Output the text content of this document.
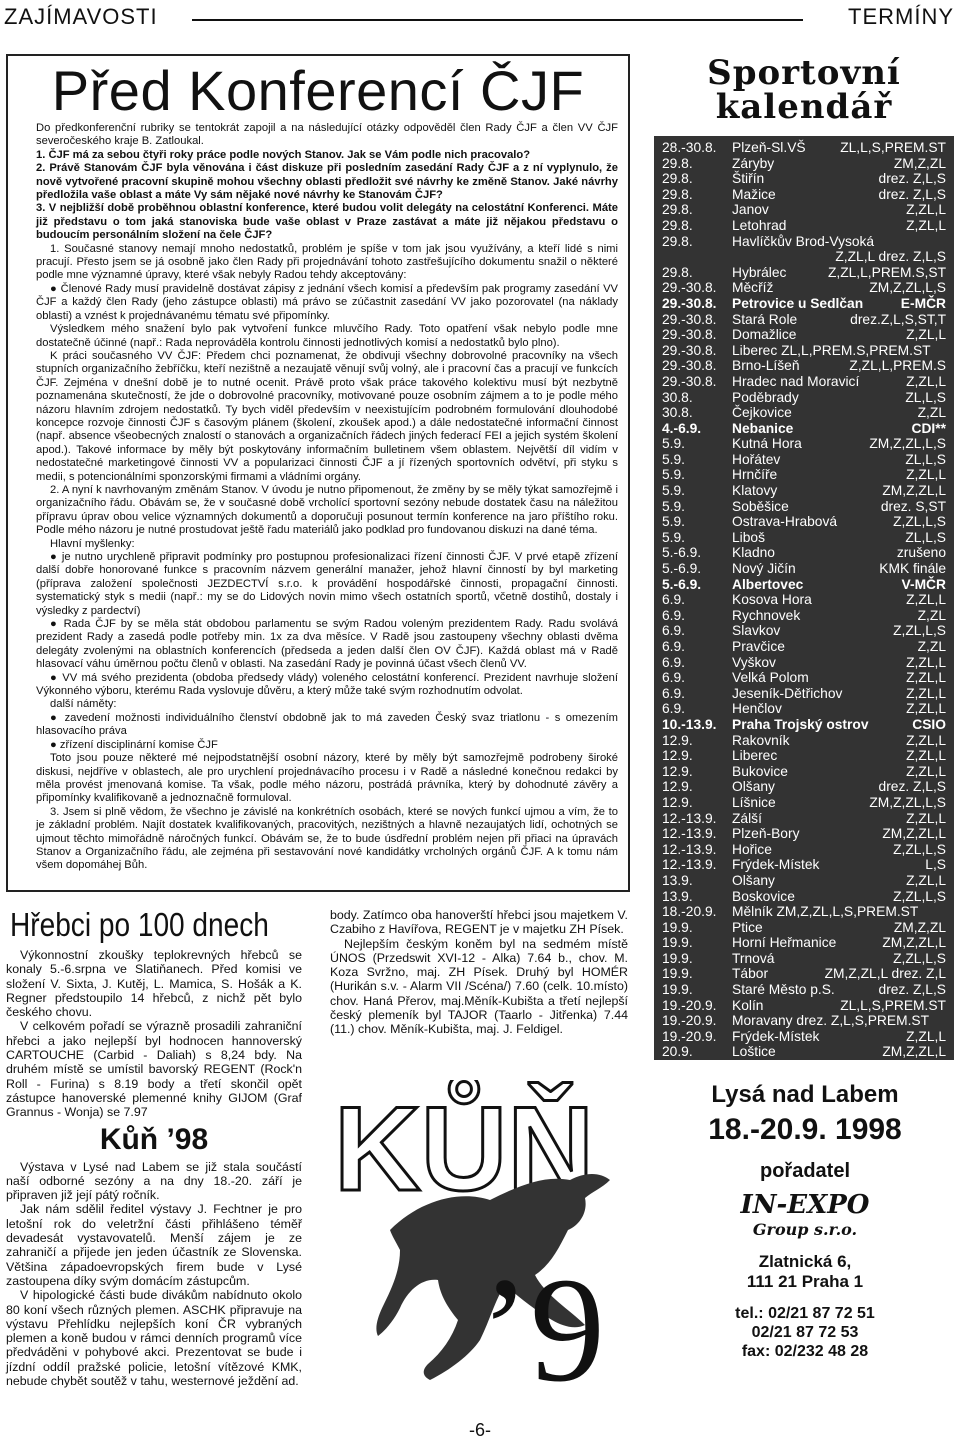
ZAJÍMAVOSTI	TERMÍNY
Před Konferencí ČJF

Do předkonferenční rubriky se tentokrát zapojil a na následující otázky odpověděl člen Rady ČJF a člen VV ČJF severočeského kraje B. Zatloukal.

1. ČJF má za sebou čtyři roky práce podle nových Stanov. Jak se Vám podle nich pracovalo?

2. Právě Stanovám ČJF byla věnována i část diskuze při posledním zasedání Rady ČJF a z ní vyplynulo, že nově vytvořené pracovní skupině mohou všechny oblasti předložit své návrhy ke změně Stanov. Jaké návrhy předložila vaše oblast a máte Vy sám nějaké nové návrhy ke Stanovám ČJF?

3. V nejbližší době proběhnou oblastní konference, které budou volit delegáty na celostátní Konferenci. Máte již představu o tom jaká stanoviska bude vaše oblast v Praze zastávat a máte již nějakou představu o budoucím personálním složení na čele ČJF?

1. Současné stanovy nemají mnoho nedostatků, problém je spíše v tom jak jsou využívány, a kteří lidé s nimi pracují. Přesto jsem se já osobně jako člen Rady při projednávání tohoto zastřešujícího dokumentu snažil o některé podle mne významné úpravy, které však nebyly Radou tehdy akceptovány:

● Členové Rady musí pravidelně dostávat zápisy z jednání všech komisí a především pak programy zasedání VV ČJF a každý člen Rady (jeho zástupce oblasti) má právo se zúčastnit zasedání VV jako pozorovatel (na náklady oblasti) a vznést k projednávanému tématu své připomínky.

Výsledkem mého snažení bylo pak vytvoření funkce mluvčího Rady. Toto opatření však nebylo podle mne dostatečně účinné (např.: Rada neprováděla kontrolu činnosti jednotlivých komisí a nedostatků bylo plno).

K práci současného VV ČJF: Předem chci poznamenat, že obdivuji všechny dobrovolné pracovníky na všech stupních organizačního žebříčku, kteří nezištně a nezaujatě věnují svůj volný, ale i pracovní čas a pracují ve funkcích ČJF. Zejména v dnešní době je to nutné ocenit. Právě proto však práce takového kolektivu musí být nezbytně poznamenána skutečností, že jde o dobrovolné pracovníky, motivované pouze osobním zájmem a to je podle mého názoru hlavním zdrojem nedostatků. Ty bych viděl především v neexistujícím podrobném formulování dlouhodobé koncepce rozvoje činnosti ČJF s časovým plánem (školení, zkoušek apod.) a dále nedostatečné informační činnost (např. absence všeobecných znalostí o stanovách a organizačních řádech jiných federací FEI a jejich systém školení apod.). Takové informace by měly být poskytovány informačním bulletinem všem oblastem. Největší díl vidím v nedostatečné marketingové činnosti VV a popularizaci činnosti ČJF a jí řízených sportovních odvětví, při styku s medii, s potencionálními sponzorskými firmami a vládními orgány.

2. A nyní k navrhovaným změnám Stanov. V úvodu je nutno připomenout, že změny by se měly týkat samozřejmě i organizačního řádu. Obávám se, že v současné době vrcholící sportovní sezóny nebude dostatek času na náležitou přípravu úprav obou velice významných dokumentů a doporučuji posunout termín konference na jaro příštího roku. Podle mého názoru je nutné prostudovat ještě řadu materiálů jako podklad pro fundovanou diskuzi na dané téma.

Hlavní myšlenky:

● je nutno urychleně připravit podmínky pro postupnou profesionalizaci řízení činnosti ČJF. V prvé etapě zřízení další dobře honorované funkce s pracovním názvem generální manažer, jehož hlavní činností by byl marketing (příprava založení společnosti JEZDECTVÍ s.r.o. k provádění hospodářské činnosti, propagační činnosti. systematický styk s medii (např.: my se do Lidových novin mimo všech ostatních sportů, včetně dostihů, dostaly i výsledky z pardectví)

● Rada ČJF by se měla stát obdobou parlamentu se svým Radou voleným prezidentem Rady. Radu svolává prezident Rady a zasedá podle potřeby min. 1x za dva měsíce. V Radě jsou zastoupeny všechny oblasti dvěma delegáty zvolenými na oblastních konferencích (předseda a jeden další člen OV ČJF). Každá oblast má v Radě hlasovací váhu úměrnou počtu členů v oblasti. Na zasedání Rady je povinná účast všech členů VV.

● VV má svého prezidenta (obdoba předsedy vlády) voleného celostátní konferencí. Prezident navrhuje složení Výkonného výboru, kterému Rada vyslovuje důvěru, a který může také svým rozhodnutím odvolat.

další náměty:

● zavedení možnosti individuálního členství obdobně jak to má zaveden Český svaz triatlonu - s omezením hlasovacího práva

● zřízení disciplinární komise ČJF

Toto jsou pouze některé mé nejpodstatnější osobní názory, které by měly být samozřejmě podrobeny široké diskusi, nejdříve v oblastech, ale pro urychlení projednávacího procesu i v Radě a následné konečnou redakci by měla provést jmenovaná komise. Ta však, podle mého názoru, postrádá právníka, který by dohodnuté závěry a připomínky kvalifikovaně a jednoznačně formuloval.

3. Jsem si plně vědom, že všechno je závislé na konkrétních osobách, které se nových funkcí ujmou a vím, že to je základní problém. Najít dostatek kvalifikovaných, pracovitých, nezištných a hlavně nezaujatých lidí, ochotných se ujmout těchto mimořádně náročných funkcí. Obávám se, že to bude úsdřední problém nejen při přiaci na úpravách Stanov a Organizačního řádu, ale zejména při sestavování nové kandidátky vrcholných orgánů ČJF. A k tomu nám všem dopomáhej Bůh.

Hřebci po 100 dnech

Výkonnostní zkoušky teplokrevných hřebců se konaly 5.-6.srpna ve Slatiňanech. Před komisi ve složení V. Sixta, J. Kutěj, L. Mamica, S. Hošák a K. Regner předstoupilo 14 hřebců, z nichž pět bylo českého chovu.

V celkovém pořadí se výrazně prosadili zahraniční hřebci a jako nejlepší byl hodnocen hannoverský CARTOUCHE (Carbid - Daliah) s 8,24 bdy. Na druhém místě se umístil bavorský REGENT (Rock'n Roll - Furina) s 8.19 body a třetí skončil opět zástupce hanoverské plemenné knihy GIJOM (Graf Grannus - Wonja) se 7.97

Kůň ’98

Výstava v Lysé nad Labem se již stala součástí naší odborné sezóny a na dny 18.-20. září je připraven již její pátý ročník.

Jak nám sdělil ředitel výstavy J. Fechtner je pro letošní rok do veletržní části přihlášeno téměř devadesát vystavovatelů. Menší zájem je ze zahraničí a přijede jen jeden účastník ze Slovenska. Většina západoevropských firem bude v Lysé zastoupena díky svým domácím zástupcům.

V hipologické části bude divákům nabídnuto okolo 80 koní všech různých plemen. ASCHK připravuje na výstavu Přehlídku nejlepších koní ČR vybraných plemen a koně budou v rámci denních programů více předváděni v pohybové akci. Prezentovat se bude i jízdní oddíl pražské policie, letošní vítězové KMK, nebude chybět soutěž v tahu, westernové ježdění ad.

body. Zatímco oba hanoverští hřebci jsou majetkem V. Czabiho z Havířova, REGENT je v majetku ZH Písek.

Nejlepším českým koněm byl na sedmém místě ÚNOS (Przedswit XVI-12 - Alka) 7.64 b., chov. M. Koza Svržno, maj. ZH Písek. Druhý byl HOMÉR (Hurikán s.v. - Alarm VII /Scéna/) 7.60 (celk. 10.místo) chov. Haná Přerov, maj.Měník-Kubišta a třetí nejlepší český plemeník byl TAJOR (Taarlo - Jitřenka) 7.44 (11.) chov. Měník-Kubišta, maj. J. Feldigel.

Sportovní
kalendář
28.-30.8. Plzeň-Sl.VŠ	ZL,L,S,PREM.ST
29.8.	Záryby	ZM,Z,ZL
29.8.	Štiřín	drez. Z,L,S
29.8.	Mažice	drez. Z,L,S
29.8.	Janov	Z,ZL,L
29.8.	Letohrad	Z,ZL,L
29.8.	Havlíčkův Brod-Vysoká
Z,ZL,L drez. Z,L,S
29.8.	Hybrálec	Z,ZL,L,PREM.S,ST
29.-30.8. Měcříž	ZM,Z,ZL,L,S
29.-30.8. Petrovice u Sedlčan	E-MČR
29.-30.8. Stará Role	drez.Z,L,S,ST,T
29.-30.8. Domažlice	Z,ZL,L
29.-30.8. Liberec ZL,L,PREM.S,PREM.ST
29.-30.8. Brno-Líšeň	Z,ZL,L,PREM.S
29.-30.8. Hradec nad Moravicí	Z,ZL,L
30.8.	Poděbrady	ZL,L,S
30.8.	Čejkovice	Z,ZL
4.-6.9. Nebanice	CDI**
5.9.	Kutná Hora	ZM,Z,ZL,L,S
5.9.	Hořátev	ZL,L,S
5.9.	Hrnčíře	Z,ZL,L
5.9.	Klatovy	ZM,Z,ZL,L
5.9.	Soběšice	drez. S,ST
5.9.	Ostrava-Hrabová	Z,ZL,L,S
5.9.	Liboš	ZL,L,S
5.-6.9. Kladno	zrušeno
5.-6.9. Nový Jičín	KMK finále
5.-6.9. Albertovec	V-MČR
6.9.	Kosova Hora	Z,ZL,L
6.9.	Rychnovek	Z,ZL
6.9.	Slavkov	Z,ZL,L,S
6.9.	Pravčice	Z,ZL
6.9.	Vyškov	Z,ZL,L
6.9.	Velká Polom	Z,ZL,L
6.9.	Jeseník-Dětřichov	Z,ZL,L
6.9.	Henčlov	Z,ZL,L
10.-13.9. Praha Trojský ostrov	CSIO
12.9.	Rakovník	Z,ZL,L
12.9.	Liberec	Z,ZL,L
12.9.	Bukovice	Z,ZL,L
12.9.	Olšany	drez. Z,L,S
12.9.	Líšnice	ZM,Z,ZL,L,S
12.-13.9. Zálší	Z,ZL,L
12.-13.9. Plzeň-Bory	ZM,Z,ZL,L
12.-13.9. Hořice	Z,ZL,L,S
12.-13.9. Frýdek-Místek	L,S
13.9.	Olšany	Z,ZL,L
13.9.	Boskovice	Z,ZL,L,S
18.-20.9. Mělník ZM,Z,ZL,L,S,PREM.ST
19.9.	Ptice	ZM,Z,ZL
19.9.	Horní Heřmanice	ZM,Z,ZL,L
19.9.	Trnová	Z,ZL,L,S
19.9.	Tábor	ZM,Z,ZL,L drez. Z,L
19.9.	Staré Město p.S.	drez. Z,L,S
19.-20.9. Kolín	ZL,L,S,PREM.ST
19.-20.9. Moravany drez. Z,L,S,PREM.ST
19.-20.9. Frýdek-Místek	Z,ZL,L
20.9.	Loštice	ZM,Z,ZL,L
KŮŇ
’9
Lysá nad Labem
18.-20.9. 1998
pořadatel
IN-EXPO
Group s.r.o.
Zlatnická 6,
111 21 Praha 1
tel.: 02/21 87 72 51
02/21 87 72 53
fax: 02/232 48 28
-6-
